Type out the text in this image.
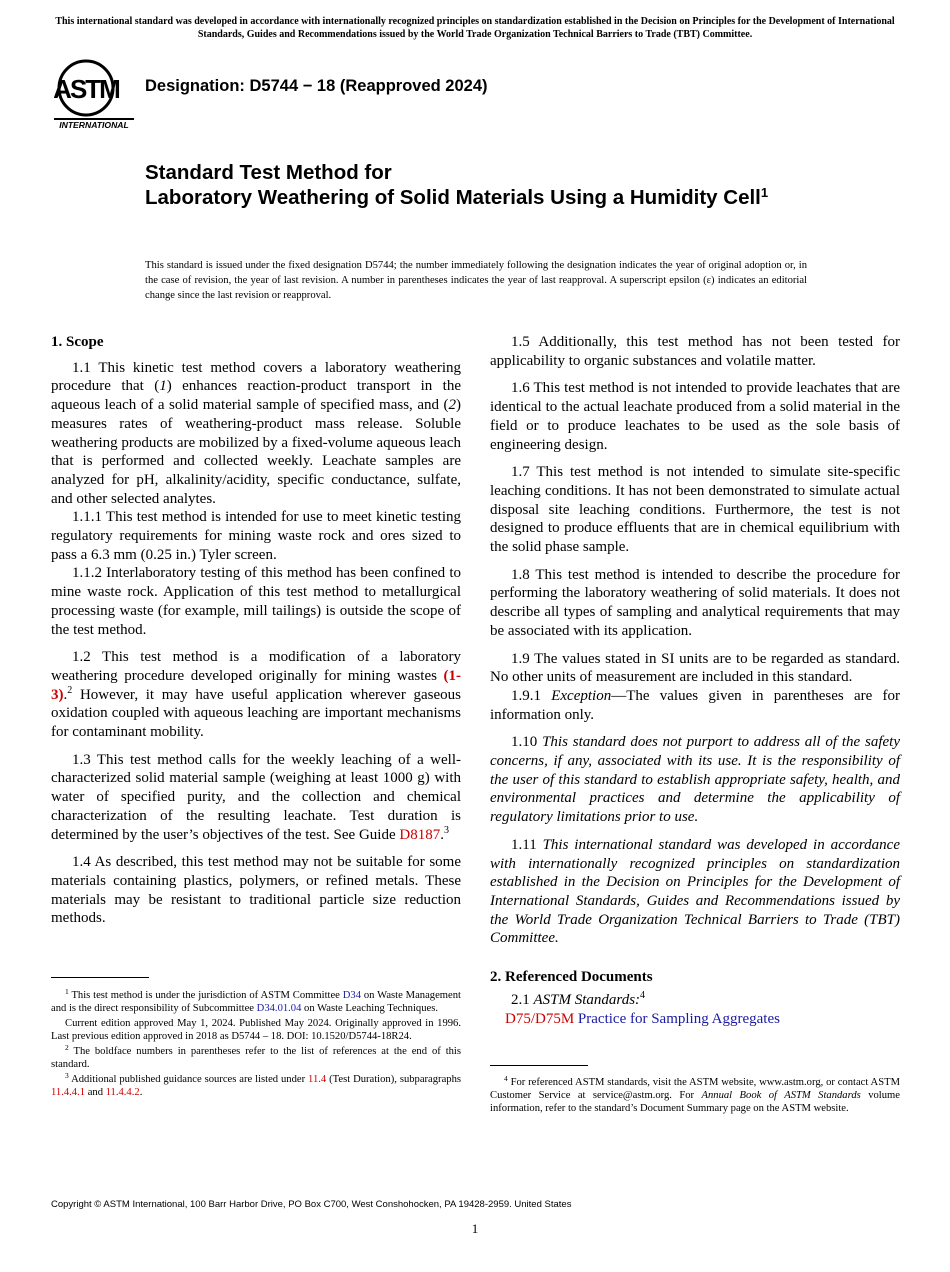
This international standard was developed in accordance with internationally recognized principles on standardization established in the Decision on Principles for the Development of International Standards, Guides and Recommendations issued by the World Trade Organization Technical Barriers to Trade (TBT) Committee.
ASTM
INTERNATIONAL
Designation: D5744 − 18 (Reapproved 2024)
Standard Test Method for
Laboratory Weathering of Solid Materials Using a Humidity Cell$^1$
This standard is issued under the fixed designation D5744; the number immediately following the designation indicates the year of original adoption or, in the case of revision, the year of last revision. A number in parentheses indicates the year of last reapproval. A superscript epsilon (ε) indicates an editorial change since the last revision or reapproval.
1. Scope

1.1 This kinetic test method covers a laboratory weathering procedure that (1) enhances reaction-product transport in the aqueous leach of a solid material sample of specified mass, and (2) measures rates of weathering-product mass release. Soluble weathering products are mobilized by a fixed-volume aqueous leach that is performed and collected weekly. Leachate samples are analyzed for pH, alkalinity/acidity, specific conductance, sulfate, and other selected analytes.

1.1.1 This test method is intended for use to meet kinetic testing regulatory requirements for mining waste rock and ores sized to pass a 6.3 mm (0.25 in.) Tyler screen.

1.1.2 Interlaboratory testing of this method has been confined to mine waste rock. Application of this test method to metallurgical processing waste (for example, mill tailings) is outside the scope of the test method.

1.2 This test method is a modification of a laboratory weathering procedure developed originally for mining wastes (1-3).$^2$ However, it may have useful application wherever gaseous oxidation coupled with aqueous leaching are important mechanisms for contaminant mobility.

1.3 This test method calls for the weekly leaching of a well-characterized solid material sample (weighing at least 1000 g) with water of specified purity, and the collection and chemical characterization of the resulting leachate. Test duration is determined by the user’s objectives of the test. See Guide D8187.$^3$

1.4 As described, this test method may not be suitable for some materials containing plastics, polymers, or refined metals. These materials may be resistant to traditional particle size reduction methods.

1.5 Additionally, this test method has not been tested for applicability to organic substances and volatile matter.

1.6 This test method is not intended to provide leachates that are identical to the actual leachate produced from a solid material in the field or to produce leachates to be used as the sole basis of engineering design.

1.7 This test method is not intended to simulate site-specific leaching conditions. It has not been demonstrated to simulate actual disposal site leaching conditions. Furthermore, the test is not designed to produce effluents that are in chemical equilibrium with the solid phase sample.

1.8 This test method is intended to describe the procedure for performing the laboratory weathering of solid materials. It does not describe all types of sampling and analytical requirements that may be associated with its application.

1.9 The values stated in SI units are to be regarded as standard. No other units of measurement are included in this standard.

1.9.1 Exception—The values given in parentheses are for information only.

1.10 This standard does not purport to address all of the safety concerns, if any, associated with its use. It is the responsibility of the user of this standard to establish appropriate safety, health, and environmental practices and determine the applicability of regulatory limitations prior to use.

1.11 This international standard was developed in accordance with internationally recognized principles on standardization established in the Decision on Principles for the Development of International Standards, Guides and Recommendations issued by the World Trade Organization Technical Barriers to Trade (TBT) Committee.

2. Referenced Documents

2.1 ASTM Standards:$^4$

D75/D75M Practice for Sampling Aggregates

$^1$ This test method is under the jurisdiction of ASTM Committee D34 on Waste Management and is the direct responsibility of Subcommittee D34.01.04 on Waste Leaching Techniques.

Current edition approved May 1, 2024. Published May 2024. Originally approved in 1996. Last previous edition approved in 2018 as D5744 – 18. DOI: 10.1520/D5744-18R24.

$^2$ The boldface numbers in parentheses refer to the list of references at the end of this standard.

$^3$ Additional published guidance sources are listed under 11.4 (Test Duration), subparagraphs 11.4.4.1 and 11.4.4.2.

$^4$ For referenced ASTM standards, visit the ASTM website, www.astm.org, or contact ASTM Customer Service at service@astm.org. For Annual Book of ASTM Standards volume information, refer to the standard’s Document Summary page on the ASTM website.

Copyright © ASTM International, 100 Barr Harbor Drive, PO Box C700, West Conshohocken, PA 19428-2959. United States
1
